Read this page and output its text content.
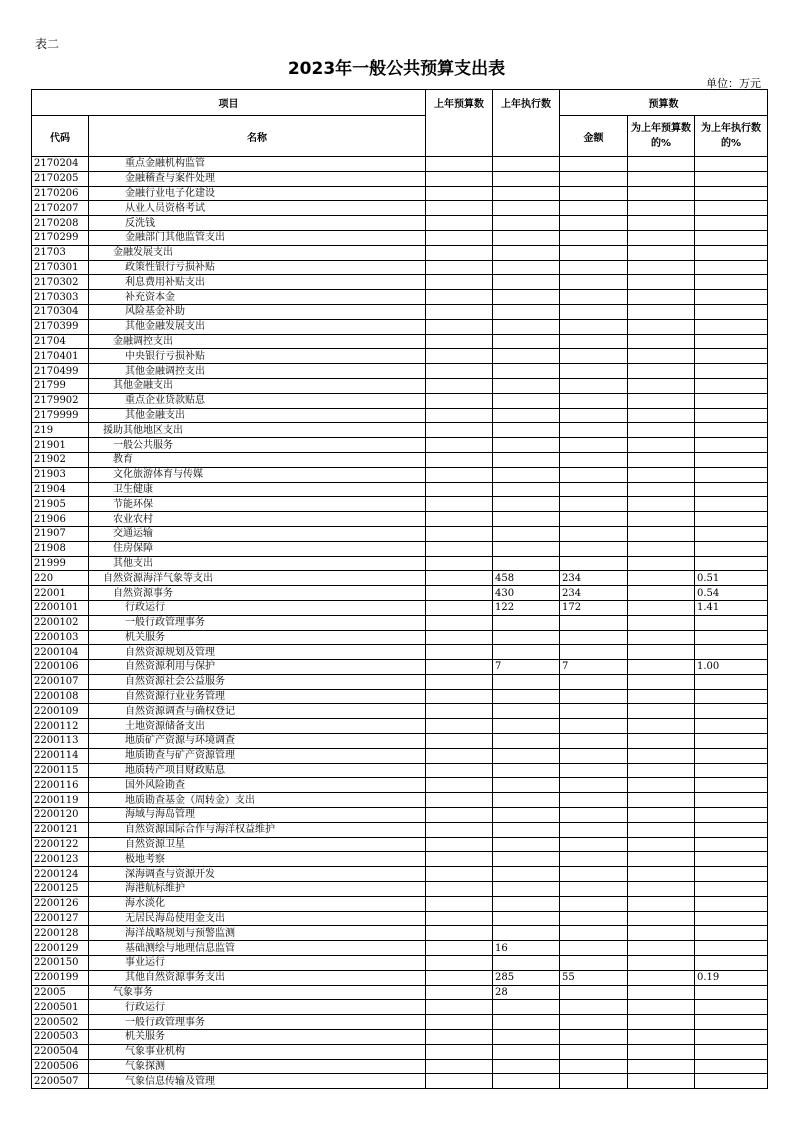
表二
2023年一般公共预算支出表
单位：万元
项目		上年预算数	上年执行数	预算数		
代码	名称			金额	为上年预算数的%	为上年执行数的%
2170204	重点金融机构监管					
2170205	金融稽查与案件处理					
2170206	金融行业电子化建设					
2170207	从业人员资格考试					
2170208	反洗钱					
2170299	金融部门其他监管支出					
21703	金融发展支出					
2170301	政策性银行亏损补贴					
2170302	利息费用补贴支出					
2170303	补充资本金					
2170304	风险基金补助					
2170399	其他金融发展支出					
21704	金融调控支出					
2170401	中央银行亏损补贴					
2170499	其他金融调控支出					
21799	其他金融支出					
2179902	重点企业贷款贴息					
2179999	其他金融支出					
219	援助其他地区支出					
21901	一般公共服务					
21902	教育					
21903	文化旅游体育与传媒					
21904	卫生健康					
21905	节能环保					
21906	农业农村					
21907	交通运输					
21908	住房保障					
21999	其他支出					
220	自然资源海洋气象等支出		458	234		0.51
22001	自然资源事务		430	234		0.54
2200101	行政运行		122	172		1.41
2200102	一般行政管理事务					
2200103	机关服务					
2200104	自然资源规划及管理					
2200106	自然资源利用与保护		7	7		1.00
2200107	自然资源社会公益服务					
2200108	自然资源行业业务管理					
2200109	自然资源调查与确权登记					
2200112	土地资源储备支出					
2200113	地质矿产资源与环境调查					
2200114	地质勘查与矿产资源管理					
2200115	地质转产项目财政贴息					
2200116	国外风险勘查					
2200119	地质勘查基金（周转金）支出					
2200120	海域与海岛管理					
2200121	自然资源国际合作与海洋权益维护					
2200122	自然资源卫星					
2200123	极地考察					
2200124	深海调查与资源开发					
2200125	海港航标维护					
2200126	海水淡化					
2200127	无居民海岛使用金支出					
2200128	海洋战略规划与预警监测					
2200129	基础测绘与地理信息监管		16			
2200150	事业运行					
2200199	其他自然资源事务支出		285	55		0.19
22005	气象事务		28			
2200501	行政运行					
2200502	一般行政管理事务					
2200503	机关服务					
2200504	气象事业机构					
2200506	气象探测					
2200507	气象信息传输及管理					
